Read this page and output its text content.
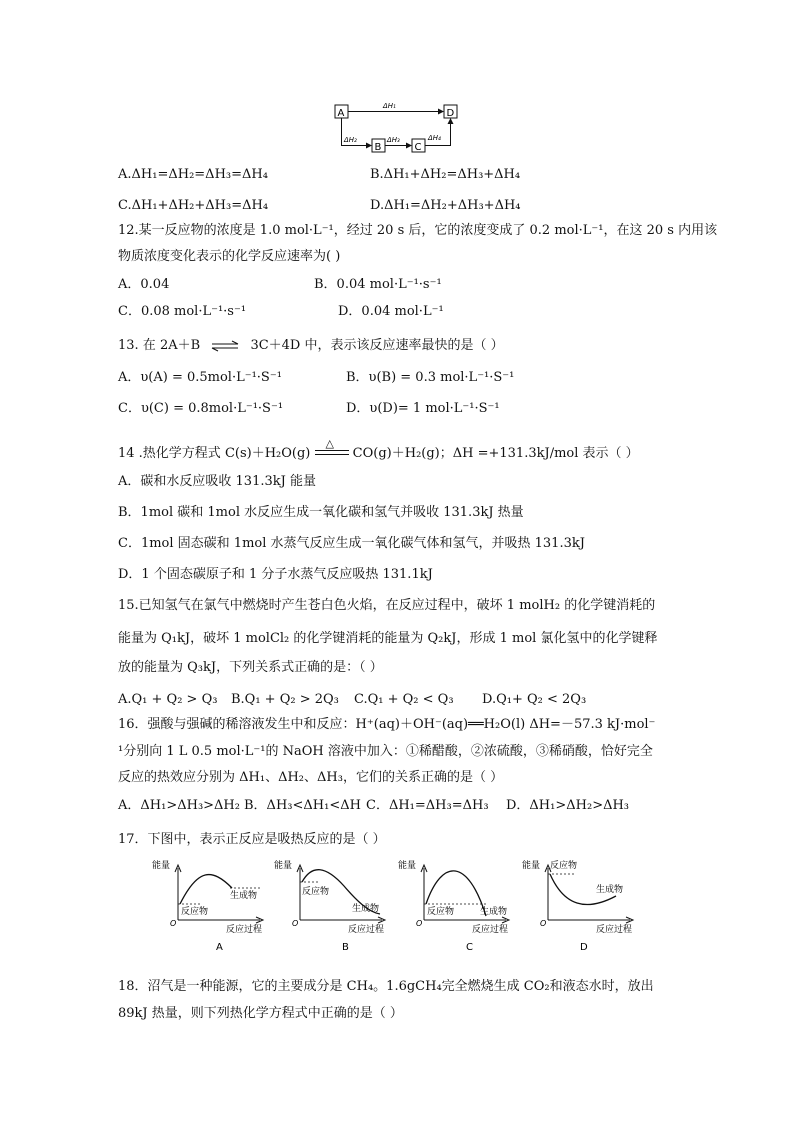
A	D
B	C
ΔH₁
ΔH₂	ΔH₃	ΔH₄
A.ΔH₁=ΔH₂=ΔH₃=ΔH₄	B.ΔH₁+ΔH₂=ΔH₃+ΔH₄
C.ΔH₁+ΔH₂+ΔH₃=ΔH₄	D.ΔH₁=ΔH₂+ΔH₃+ΔH₄
12.某一反应物的浓度是 1.0 mol·L⁻¹，经过 20 s 后，它的浓度变成了 0.2 mol·L⁻¹，在这 20 s 内用该
物质浓度变化表示的化学反应速率为( )
A．0.04	B．0.04 mol·L⁻¹·s⁻¹
C．0.08 mol·L⁻¹·s⁻¹	D．0.04 mol·L⁻¹
13. 在 2A＋B ⇌ 3C＋4D 中，表示该反应速率最快的是（ ）
A．υ(A) = 0.5mol·L⁻¹·S⁻¹	B．υ(B) = 0.3 mol·L⁻¹·S⁻¹
C．υ(C) = 0.8mol·L⁻¹·S⁻¹	D．υ(D)= 1 mol·L⁻¹·S⁻¹
14 .热化学方程式 C(s)＋H₂O(g)
△
CO(g)＋H₂(g)；ΔH =+131.3kJ/mol 表示（ ）
A．碳和水反应吸收 131.3kJ 能量
B．1mol 碳和 1mol 水反应生成一氧化碳和氢气并吸收 131.3kJ 热量
C．1mol 固态碳和 1mol 水蒸气反应生成一氧化碳气体和氢气，并吸热 131.3kJ
D．1 个固态碳原子和 1 分子水蒸气反应吸热 131.1kJ
15.已知氢气在氯气中燃烧时产生苍白色火焰，在反应过程中，破坏 1 molH₂ 的化学键消耗的
能量为 Q₁kJ，破坏 1 molCl₂ 的化学键消耗的能量为 Q₂kJ，形成 1 mol 氯化氢中的化学键释
放的能量为 Q₃kJ，下列关系式正确的是：（ ）
A.Q₁ + Q₂ > Q₃ B.Q₁ + Q₂ > 2Q₃ C.Q₁ + Q₂ < Q₃ D.Q₁+ Q₂ < 2Q₃
16．强酸与强碱的稀溶液发生中和反应：H⁺(aq)＋OH⁻(aq)══H₂O(l) ΔH=－57.3 kJ·mol⁻
¹分别向 1 L 0.5 mol·L⁻¹的 NaOH 溶液中加入：①稀醋酸，②浓硫酸，③稀硝酸，恰好完全
反应的热效应分别为 ΔH₁、ΔH₂、ΔH₃，它们的关系正确的是（ ）
A．ΔH₁>ΔH₃>ΔH₂ B．ΔH₃<ΔH₁<ΔH C．ΔH₁=ΔH₃=ΔH₃ D．ΔH₁>ΔH₂>ΔH₃
17．下图中，表示正反应是吸热反应的是（ ）
能量
O
反应过程
反应物
生成物
A
能量
O
反应过程
反应物
生成物
B
能量
O
反应过程
反应物	生成物
C
能量
O
反应过程
反应物
生成物
D
18．沼气是一种能源，它的主要成分是 CH₄。1.6gCH₄完全燃烧生成 CO₂和液态水时，放出
89kJ 热量，则下列热化学方程式中正确的是（ ）
